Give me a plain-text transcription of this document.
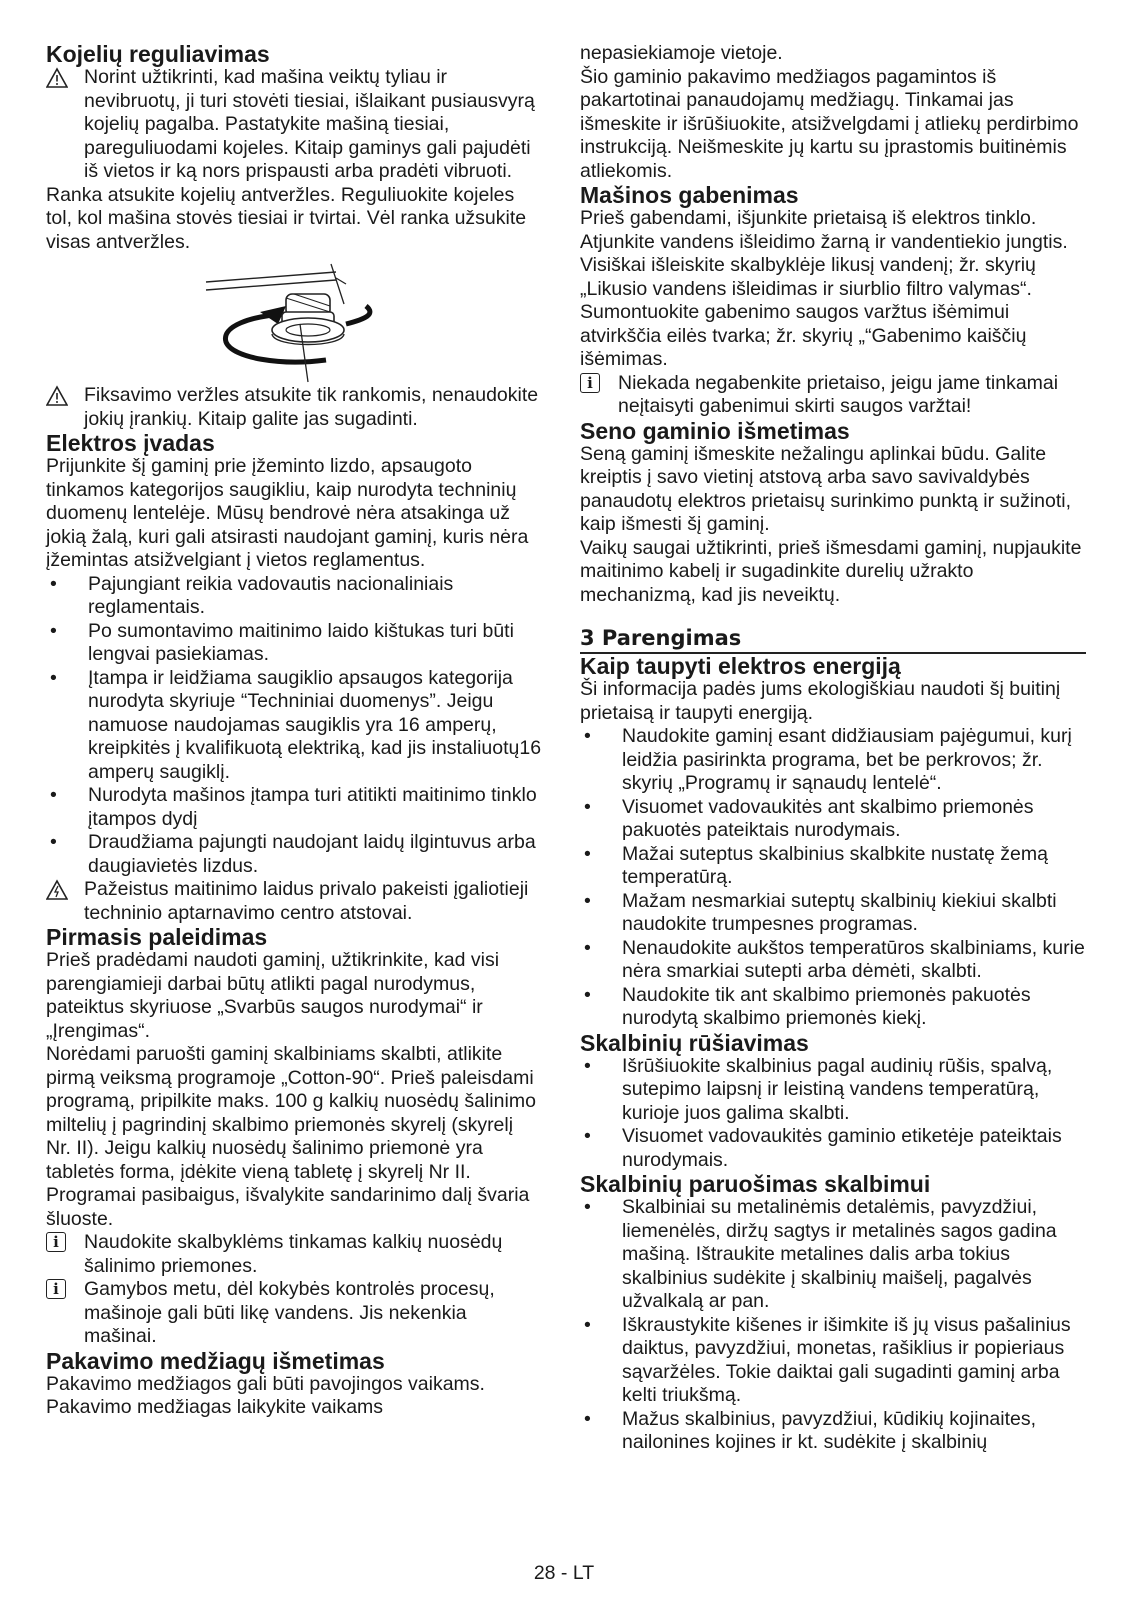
Kojelių reguliavimas
Norint užtikrinti, kad mašina veiktų tyliau ir nevibruotų, ji turi stovėti tiesiai, išlaikant pusiausvyrą kojelių pagalba. Pastatykite mašiną tiesiai, pareguliuodami kojeles. Kitaip gaminys gali pajudėti iš vietos ir ką nors prispausti arba pradėti vibruoti.

Ranka atsukite kojelių antveržles. Reguliuokite kojeles tol, kol mašina stovės tiesiai ir tvirtai. Vėl ranka užsukite visas antveržles.

Fiksavimo veržles atsukite tik rankomis, nenaudokite jokių įrankių. Kitaip galite jas sugadinti.
Elektros įvadas

Prijunkite šį gaminį prie įžeminto lizdo, apsaugoto tinkamos kategorijos saugikliu, kaip nurodyta techninių duomenų lentelėje. Mūsų bendrovė nėra atsakinga už jokią žalą, kuri gali atsirasti naudojant gaminį, kuris nėra įžemintas atsižvelgiant į vietos reglamentus.

•	Pajungiant reikia vadovautis nacionaliniais reglamentais.
•	Po sumontavimo maitinimo laido kištukas turi būti lengvai pasiekiamas.
•	Įtampa ir leidžiama saugiklio apsaugos kategorija nurodyta skyriuje “Techniniai duomenys”. Jeigu namuose naudojamas saugiklis yra 16 amperų, kreipkitės į kvalifikuotą elektriką, kad jis instaliuotų16 amperų saugiklį.
•	Nurodyta mašinos įtampa turi atitikti maitinimo tinklo įtampos dydį
•	Draudžiama pajungti naudojant laidų ilgintuvus arba daugiavietės lizdus.
Pažeistus maitinimo laidus privalo pakeisti įgaliotieji techninio aptarnavimo centro atstovai.
Pirmasis paleidimas

Prieš pradėdami naudoti gaminį, užtikrinkite, kad visi parengiamieji darbai būtų atlikti pagal nurodymus, pateiktus skyriuose „Svarbūs saugos nurodymai“ ir „Įrengimas“.

Norėdami paruošti gaminį skalbiniams skalbti, atlikite pirmą veiksmą programoje „Cotton-90“. Prieš paleisdami programą, pripilkite maks. 100 g kalkių nuosėdų šalinimo miltelių į pagrindinį skalbimo priemonės skyrelį (skyrelį Nr. II). Jeigu kalkių nuosėdų šalinimo priemonė yra tabletės forma, įdėkite vieną tabletę į skyrelį Nr II. Programai pasibaigus, išvalykite sandarinimo dalį švaria šluoste.

i	Naudokite skalbyklėms tinkamas kalkių nuosėdų šalinimo priemones.
i	Gamybos metu, dėl kokybės kontrolės procesų, mašinoje gali būti likę vandens. Jis nekenkia mašinai.
Pakavimo medžiagų išmetimas

Pakavimo medžiagos gali būti pavojingos vaikams. Pakavimo medžiagas laikykite vaikams

nepasiekiamoje vietoje.

Šio gaminio pakavimo medžiagos pagamintos iš pakartotinai panaudojamų medžiagų. Tinkamai jas išmeskite ir išrūšiuokite, atsižvelgdami į atliekų perdirbimo instrukciją. Neišmeskite jų kartu su įprastomis buitinėmis atliekomis.

Mašinos gabenimas

Prieš gabendami, išjunkite prietaisą iš elektros tinklo. Atjunkite vandens išleidimo žarną ir vandentiekio jungtis. Visiškai išleiskite skalbyklėje likusį vandenį; žr. skyrių „Likusio vandens išleidimas ir siurblio filtro valymas“. Sumontuokite gabenimo saugos varžtus išėmimui atvirkščia eilės tvarka; žr. skyrių „“Gabenimo kaiščių išėmimas.

i	Niekada negabenkite prietaiso, jeigu jame tinkamai neįtaisyti gabenimui skirti saugos varžtai!
Seno gaminio išmetimas

Seną gaminį išmeskite nežalingu aplinkai būdu. Galite kreiptis į savo vietinį atstovą arba savo savivaldybės panaudotų elektros prietaisų surinkimo punktą ir sužinoti, kaip išmesti šį gaminį.

Vaikų saugai užtikrinti, prieš išmesdami gaminį, nupjaukite maitinimo kabelį ir sugadinkite durelių užrakto mechanizmą, kad jis neveiktų.

3 Parengimas
Kaip taupyti elektros energiją

Ši informacija padės jums ekologiškiau naudoti šį buitinį prietaisą ir taupyti energiją.

•	Naudokite gaminį esant didžiausiam pajėgumui, kurį leidžia pasirinkta programa, bet be perkrovos; žr. skyrių „Programų ir sąnaudų lentelė“.
•	Visuomet vadovaukitės ant skalbimo priemonės pakuotės pateiktais nurodymais.
•	Mažai suteptus skalbinius skalbkite nustatę žemą temperatūrą.
•	Mažam nesmarkiai suteptų skalbinių kiekiui skalbti naudokite trumpesnes programas.
•	Nenaudokite aukštos temperatūros skalbiniams, kurie nėra smarkiai sutepti arba dėmėti, skalbti.
•	Naudokite tik ant skalbimo priemonės pakuotės nurodytą skalbimo priemonės kiekį.
Skalbinių rūšiavimas
•	Išrūšiuokite skalbinius pagal audinių rūšis, spalvą, sutepimo laipsnį ir leistiną vandens temperatūrą, kurioje juos galima skalbti.
•	Visuomet vadovaukitės gaminio etiketėje pateiktais nurodymais.
Skalbinių paruošimas skalbimui
•	Skalbiniai su metalinėmis detalėmis, pavyzdžiui, liemenėlės, diržų sagtys ir metalinės sagos gadina mašiną. Ištraukite metalines dalis arba tokius skalbinius sudėkite į skalbinių maišelį, pagalvės užvalkalą ar pan.
•	Iškraustykite kišenes ir išimkite iš jų visus pašalinius daiktus, pavyzdžiui, monetas, rašiklius ir popieriaus sąvaržėles. Tokie daiktai gali sugadinti gaminį arba kelti triukšmą.
•	Mažus skalbinius, pavyzdžiui, kūdikių kojinaites, nailonines kojines ir kt. sudėkite į skalbinių
28 - LT
